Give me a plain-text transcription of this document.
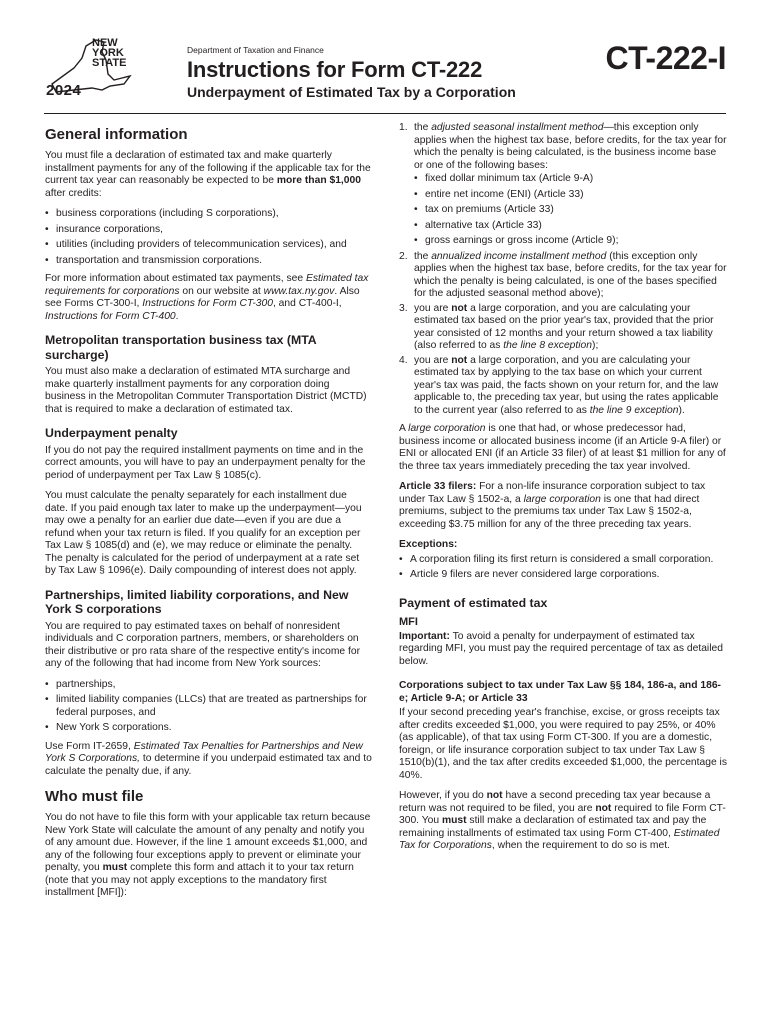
NEW
YORK
STATE
2024
Department of Taxation and Finance
Instructions for Form CT-222
Underpayment of Estimated Tax by a Corporation
CT-222-I
General information

You must file a declaration of estimated tax and make quarterly installment payments for any of the following if the applicable tax for the current tax year can reasonably be expected to be more than $1,000 after credits:

• business corporations (including S corporations),
• insurance corporations,
• utilities (including providers of telecommunication services), and
• transportation and transmission corporations.

For more information about estimated tax payments, see Estimated tax requirements for corporations on our website at www.tax.ny.gov. Also see Forms CT-300-I, Instructions for Form CT-300, and CT-400-I, Instructions for Form CT-400.

Metropolitan transportation business tax (MTA surcharge)

You must also make a declaration of estimated MTA surcharge and make quarterly installment payments for any corporation doing business in the Metropolitan Commuter Transportation District (MCTD) that is required to make a declaration of estimated tax.

Underpayment penalty

If you do not pay the required installment payments on time and in the correct amounts, you will have to pay an underpayment penalty for the period of underpayment per Tax Law § 1085(c).

You must calculate the penalty separately for each installment due date. If you paid enough tax later to make up the underpayment—you may owe a penalty for an earlier due date—even if you are due a refund when your tax return is filed. If you qualify for an exception per Tax Law § 1085(d) and (e), we may reduce or eliminate the penalty. The penalty is calculated for the period of underpayment at a rate set by Tax Law § 1096(e). Daily compounding of interest does not apply.

Partnerships, limited liability corporations, and New York S corporations

You are required to pay estimated taxes on behalf of nonresident individuals and C corporation partners, members, or shareholders on their distributive or pro rata share of the respective entity's income for any of the following that had income from New York sources:

• partnerships,
• limited liability companies (LLCs) that are treated as partnerships for federal purposes, and
• New York S corporations.

Use Form IT-2659, Estimated Tax Penalties for Partnerships and New York S Corporations, to determine if you underpaid estimated tax and to calculate the penalty due, if any.

Who must file

You do not have to file this form with your applicable tax return because New York State will calculate the amount of any penalty and notify you of any amount due. However, if the line 1 amount exceeds $1,000, and any of the following four exceptions apply to prevent or eliminate your penalty, you must complete this form and attach it to your tax return (note that you may not apply exceptions to the mandatory first installment [MFI]):

1. the adjusted seasonal installment method—this exception only applies when the highest tax base, before credits, for the tax year for which the penalty is being calculated, is the business income base or one of the following bases:
• fixed dollar minimum tax (Article 9-A)
• entire net income (ENI) (Article 33)
• tax on premiums (Article 33)
• alternative tax (Article 33)
• gross earnings or gross income (Article 9);
2. the annualized income installment method (this exception only applies when the highest tax base, before credits, for the tax year for which the penalty is being calculated, is one of the bases specified for the adjusted seasonal method above);
3. you are not a large corporation, and you are calculating your estimated tax based on the prior year's tax, provided that the prior year consisted of 12 months and your return showed a tax liability (also referred to as the line 8 exception);
4. you are not a large corporation, and you are calculating your estimated tax by applying to the tax base on which your current year's tax was paid, the facts shown on your return for, and the law applicable to, the preceding tax year, but using the rates applicable to the current year (also referred to as the line 9 exception).

A large corporation is one that had, or whose predecessor had, business income or allocated business income (if an Article 9-A filer) or ENI or allocated ENI (if an Article 33 filer) of at least $1 million for any of the three tax years immediately preceding the tax year involved.

Article 33 filers: For a non-life insurance corporation subject to tax under Tax Law § 1502-a, a large corporation is one that had direct premiums, subject to the premiums tax under Tax Law § 1502-a, exceeding $3.75 million for any of the three preceding tax years.

Exceptions:
• A corporation filing its first return is considered a small corporation.
• Article 9 filers are never considered large corporations.
Payment of estimated tax
MFI

Important: To avoid a penalty for underpayment of estimated tax regarding MFI, you must pay the required percentage of tax as detailed below.

Corporations subject to tax under Tax Law §§ 184, 186-a, and 186-e; Article 9-A; or Article 33

If your second preceding year's franchise, excise, or gross receipts tax after credits exceeded $1,000, you were required to pay 25%, or 40% (as applicable), of that tax using Form CT-300. If you are a domestic, foreign, or life insurance corporation subject to tax under Tax Law § 1510(b)(1), and the tax after credits exceeded $1,000, the percentage is 40%.

However, if you do not have a second preceding tax year because a return was not required to be filed, you are not required to file Form CT-300. You must still make a declaration of estimated tax and pay the remaining installments of estimated tax using Form CT-400, Estimated Tax for Corporations, when the requirement to do so is met.
